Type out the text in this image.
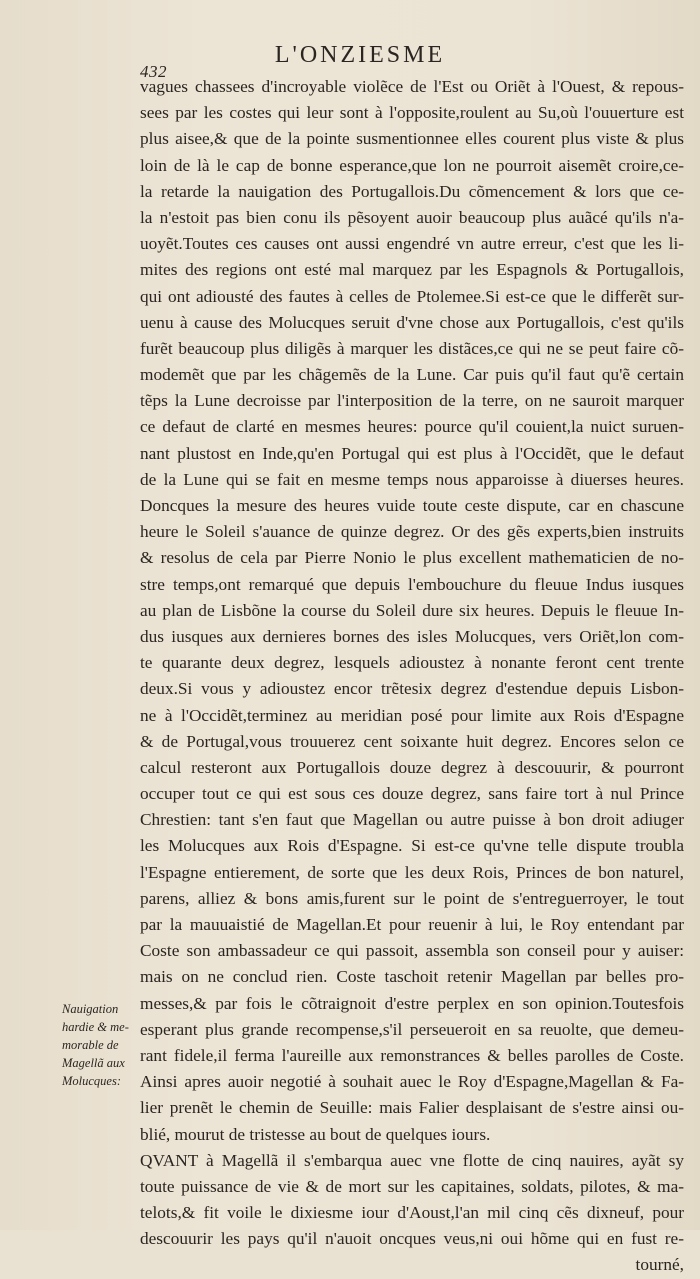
432
L'ONZIESME
Nauigation
hardie & me-
morable de
Magellã aux
Molucques:
vagues chassees d'incroyable violẽce de l'Est ou Oriẽt à l'Ouest, & repous-
sees par les costes qui leur sont à l'opposite,roulent au Su,où l'ouuerture est
plus aisee,& que de la pointe susmentionnee elles courent plus viste & plus
loin de là le cap de bonne esperance,que lon ne pourroit aisemẽt croire,ce-
la retarde la nauigation des Portugallois.Du cõmencement & lors que ce-
la n'estoit pas bien conu ils pẽsoyent auoir beaucoup plus auãcé qu'ils n'a-
uoyẽt.Toutes ces causes ont aussi engendré vn autre erreur, c'est que les li-
mites des regions ont esté mal marquez par les Espagnols & Portugallois,
qui ont adiousté des fautes à celles de Ptolemee.Si est-ce que le differẽt sur-
uenu à cause des Molucques seruit d'vne chose aux Portugallois, c'est qu'ils
furẽt beaucoup plus diligẽs à marquer les distãces,ce qui ne se peut faire cõ-
modemẽt que par les chãgemẽs de la Lune. Car puis qu'il faut qu'ẽ certain
tẽps la Lune decroisse par l'interposition de la terre, on ne sauroit marquer
ce defaut de clarté en mesmes heures: pource qu'il couient,la nuict suruen-
nant plustost en Inde,qu'en Portugal qui est plus à l'Occidẽt, que le defaut
de la Lune qui se fait en mesme temps nous apparoisse à diuerses heures.
Doncques la mesure des heures vuide toute ceste dispute, car en chascune
heure le Soleil s'auance de quinze degrez. Or des gẽs experts,bien instruits
& resolus de cela par Pierre Nonio le plus excellent mathematicien de no-
stre temps,ont remarqué que depuis l'embouchure du fleuue Indus iusques
au plan de Lisbõne la course du Soleil dure six heures. Depuis le fleuue In-
dus iusques aux dernieres bornes des isles Molucques, vers Oriẽt,lon com-
te quarante deux degrez, lesquels adioustez à nonante feront cent trente
deux.Si vous y adioustez encor trẽtesix degrez d'estendue depuis Lisbon-
ne à l'Occidẽt,terminez au meridian posé pour limite aux Rois d'Espagne
& de Portugal,vous trouuerez cent soixante huit degrez. Encores selon ce
calcul resteront aux Portugallois douze degrez à descouurir, & pourront
occuper tout ce qui est sous ces douze degrez, sans faire tort à nul Prince
Chrestien: tant s'en faut que Magellan ou autre puisse à bon droit adiuger
les Molucques aux Rois d'Espagne. Si est-ce qu'vne telle dispute troubla
l'Espagne entierement, de sorte que les deux Rois, Princes de bon naturel,
parens, alliez & bons amis,furent sur le point de s'entreguerroyer, le tout
par la mauuaistié de Magellan.Et pour reuenir à lui, le Roy entendant par
Coste son ambassadeur ce qui passoit, assembla son conseil pour y auiser:
mais on ne conclud rien. Coste taschoit retenir Magellan par belles pro-
messes,& par fois le cõtraignoit d'estre perplex en son opinion.Toutesfois
esperant plus grande recompense,s'il perseueroit en sa reuolte, que demeu-
rant fidele,il ferma l'aureille aux remonstrances & belles parolles de Coste.
Ainsi apres auoir negotié à souhait auec le Roy d'Espagne,Magellan & Fa-
lier prenẽt le chemin de Seuille: mais Falier desplaisant de s'estre ainsi ou-
blié, mourut de tristesse au bout de quelques iours.
QVANT à Magellã il s'embarqua auec vne flotte de cinq nauires, ayãt sy
toute puissance de vie & de mort sur les capitaines, soldats, pilotes, & ma-
telots,& fit voile le dixiesme iour d'Aoust,l'an mil cinq cẽs dixneuf, pour
descouurir les pays qu'il n'auoit oncques veus,ni oui hõme qui en fust re-
tourné,
